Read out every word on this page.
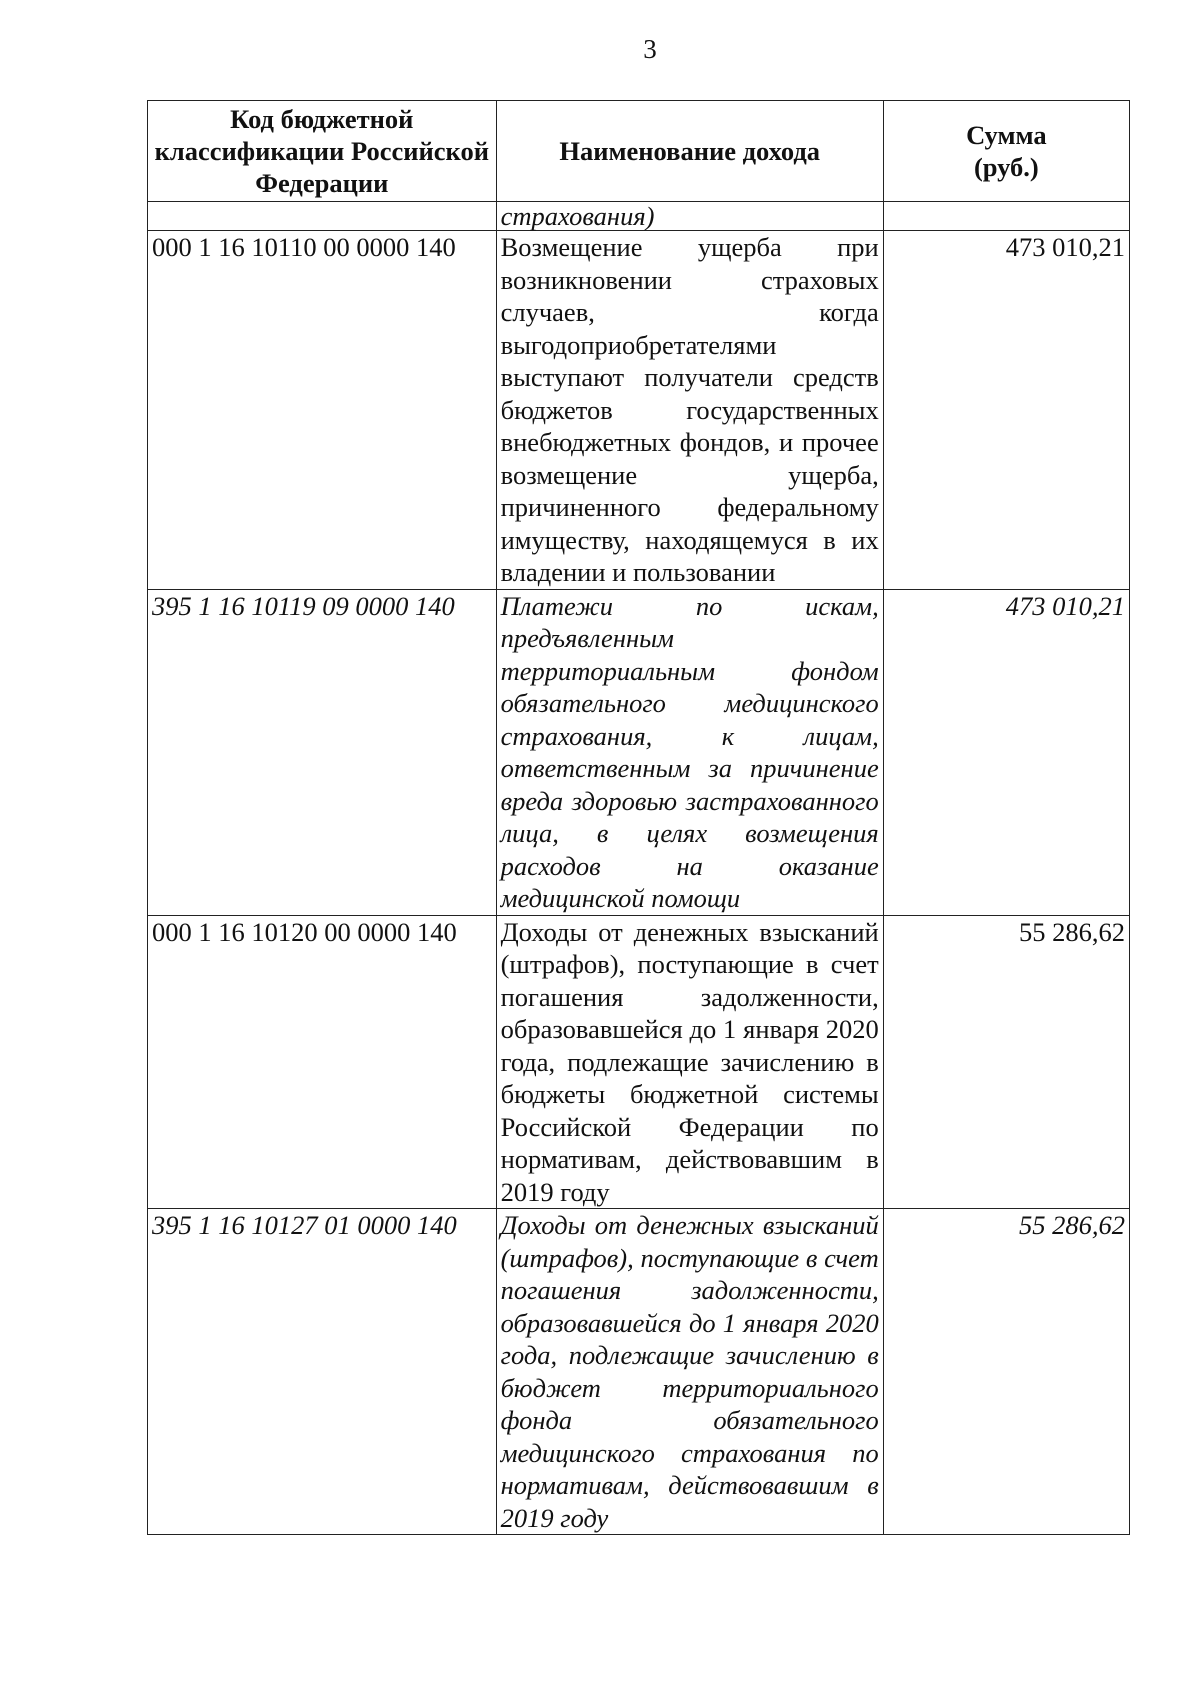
3
Код бюджетной классификации Российской Федерации	Наименование дохода	Сумма (руб.)
	страхования)	
000 1 16 10110 00 0000 140	Возмещение ущерба при возникновении страховых случаев, когда выгодоприобретателями выступают получатели средств бюджетов государственных внебюджетных фондов, и прочее возмещение ущерба, причиненного федеральному имуществу, находящемуся в их владении и пользовании	473 010,21
395 1 16 10119 09 0000 140	Платежи по искам, предъявленным территориальным фондом обязательного медицинского страхования, к лицам, ответственным за причинение вреда здоровью застрахованного лица, в целях возмещения расходов на оказание медицинской помощи	473 010,21
000 1 16 10120 00 0000 140	Доходы от денежных взысканий (штрафов), поступающие в счет погашения задолженности, образовавшейся до 1 января 2020 года, подлежащие зачислению в бюджеты бюджетной системы Российской Федерации по нормативам, действовавшим в 2019 году	55 286,62
395 1 16 10127 01 0000 140	Доходы от денежных взысканий (штрафов), поступающие в счет погашения задолженности, образовавшейся до 1 января 2020 года, подлежащие зачислению в бюджет территориального фонда обязательного медицинского страхования по нормативам, действовавшим в 2019 году	55 286,62
